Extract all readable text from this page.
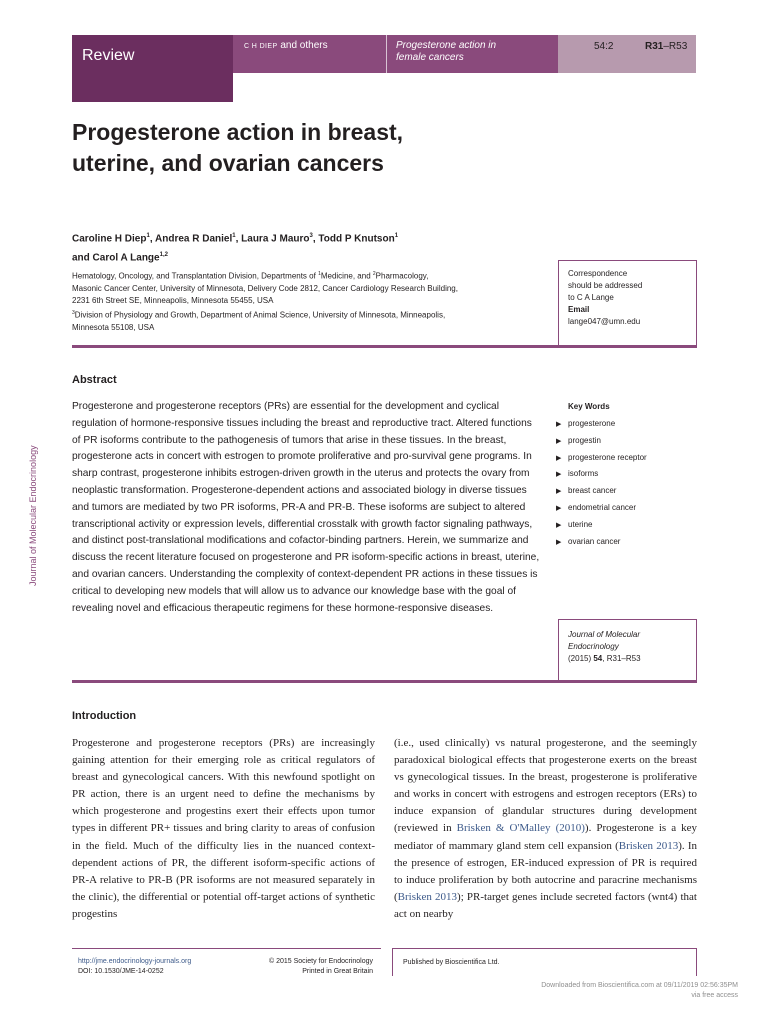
Review
C H DIEP and others	Progesterone action in
female cancers
54:2	R31–R53
Progesterone action in breast,
uterine, and ovarian cancers
Caroline H Diep$^1$, Andrea R Daniel$^1$, Laura J Mauro$^3$, Todd P Knutson$^1$
and Carol A Lange$^{1,2}$
Hematology, Oncology, and Transplantation Division, Departments of $^1$Medicine, and $^2$Pharmacology,
Masonic Cancer Center, University of Minnesota, Delivery Code 2812, Cancer Cardiology Research Building,
2231 6th Street SE, Minneapolis, Minnesota 55455, USA
$^3$Division of Physiology and Growth, Department of Animal Science, University of Minnesota, Minneapolis,
Minnesota 55108, USA
Correspondence
should be addressed
to C A Lange
Email
lange047@umn.edu
Abstract

Progesterone and progesterone receptors (PRs) are essential for the development and cyclical regulation of hormone-responsive tissues including the breast and reproductive tract. Altered functions of PR isoforms contribute to the pathogenesis of tumors that arise in these tissues. In the breast, progesterone acts in concert with estrogen to promote proliferative and pro-survival gene programs. In sharp contrast, progesterone inhibits estrogen-driven growth in the uterus and protects the ovary from neoplastic transformation. Progesterone-dependent actions and associated biology in diverse tissues and tumors are mediated by two PR isoforms, PR-A and PR-B. These isoforms are subject to altered transcriptional activity or expression levels, differential crosstalk with growth factor signaling pathways, and distinct post-translational modifications and cofactor-binding partners. Herein, we summarize and discuss the recent literature focused on progesterone and PR isoform-specific actions in breast, uterine, and ovarian cancers. Understanding the complexity of context-dependent PR actions in these tissues is critical to developing new models that will allow us to advance our knowledge base with the goal of revealing novel and efficacious therapeutic regimens for these hormone-responsive diseases.

Key Words
▶ progesterone
▶ progestin
▶ progesterone receptor
▶ isoforms
▶ breast cancer
▶ endometrial cancer
▶ uterine
▶ ovarian cancer
Journal of Molecular Endocrinology
Journal of Molecular
Endocrinology
(2015) 54, R31–R53
Introduction

Progesterone and progesterone receptors (PRs) are increasingly gaining attention for their emerging role as critical regulators of breast and gynecological cancers. With this newfound spotlight on PR action, there is an urgent need to define the mechanisms by which progesterone and progestins exert their effects upon tumor types in different PR+ tissues and bring clarity to areas of confusion in the field. Much of the difficulty lies in the nuanced context-dependent actions of PR, the different isoform-specific actions of PR-A relative to PR-B (PR isoforms are not measured separately in the clinic), the differential or potential off-target actions of synthetic progestins

(i.e., used clinically) vs natural progesterone, and the seemingly paradoxical biological effects that progesterone exerts on the breast vs gynecological tissues. In the breast, progesterone is proliferative and works in concert with estrogens and estrogen receptors (ERs) to induce expansion of glandular structures during development (reviewed in Brisken & O'Malley (2010)). Progesterone is a key mediator of mammary gland stem cell expansion (Brisken 2013). In the presence of estrogen, ER-induced expression of PR is required to induce proliferation by both autocrine and paracrine mechanisms (Brisken 2013); PR-target genes include secreted factors (wnt4) that act on nearby

http://jme.endocrinology-journals.org
DOI: 10.1530/JME-14-0252
© 2015 Society for Endocrinology
Printed in Great Britain
Published by Bioscientifica Ltd.
Downloaded from Bioscientifica.com at 09/11/2019 02:56:35PM
via free access
